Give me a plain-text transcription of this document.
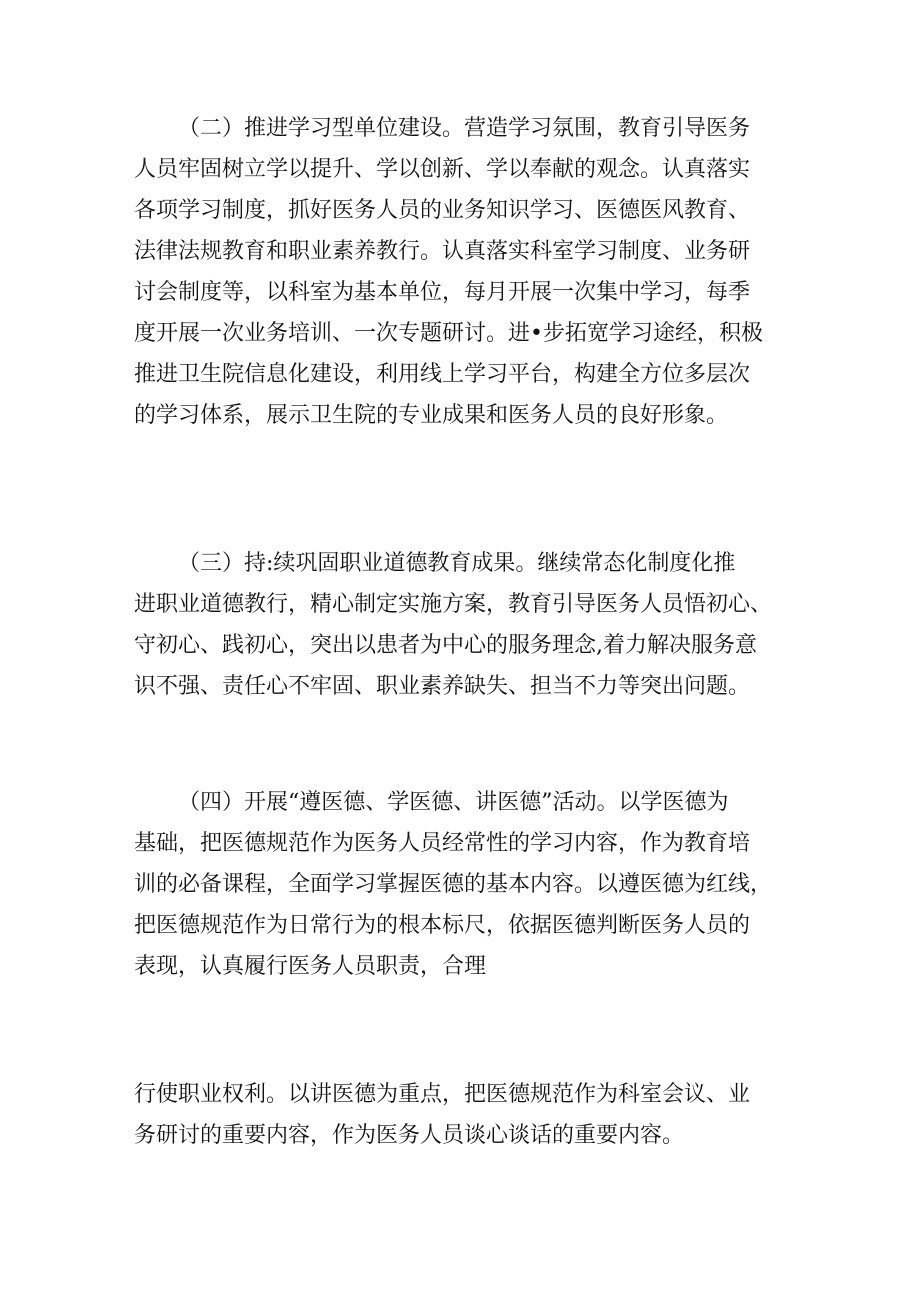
（二）推进学习型单位建设。营造学习氛围，教育引导医务
人员牢固树立学以提升、学以创新、学以奉献的观念。认真落实
各项学习制度，抓好医务人员的业务知识学习、医德医风教育、
法律法规教育和职业素养教行。认真落实科室学习制度、业务研
讨会制度等，以科室为基本单位，每月开展一次集中学习，每季
度开展一次业务培训、一次专题研讨。进•步拓宽学习途经，积极
推进卫生院信息化建设，利用线上学习平台，构建全方位多层次
的学习体系，展示卫生院的专业成果和医务人员的良好形象。
（三）持:续巩固职业道德教育成果。继续常态化制度化推
进职业道德教行，精心制定实施方案，教育引导医务人员悟初心、
守初心、践初心，突出以患者为中心的服务理念,着力解决服务意
识不强、责任心不牢固、职业素养缺失、担当不力等突出问题。
（四）开展“遵医德、学医德、讲医德”活动。以学医德为
基础，把医德规范作为医务人员经常性的学习内容，作为教育培
训的必备课程，全面学习掌握医德的基本内容。以遵医德为红线，
把医德规范作为日常行为的根本标尺，依据医德判断医务人员的
表现，认真履行医务人员职责，合理
行使职业权利。以讲医德为重点，把医德规范作为科室会议、业
务研讨的重要内容，作为医务人员谈心谈话的重要内容。
